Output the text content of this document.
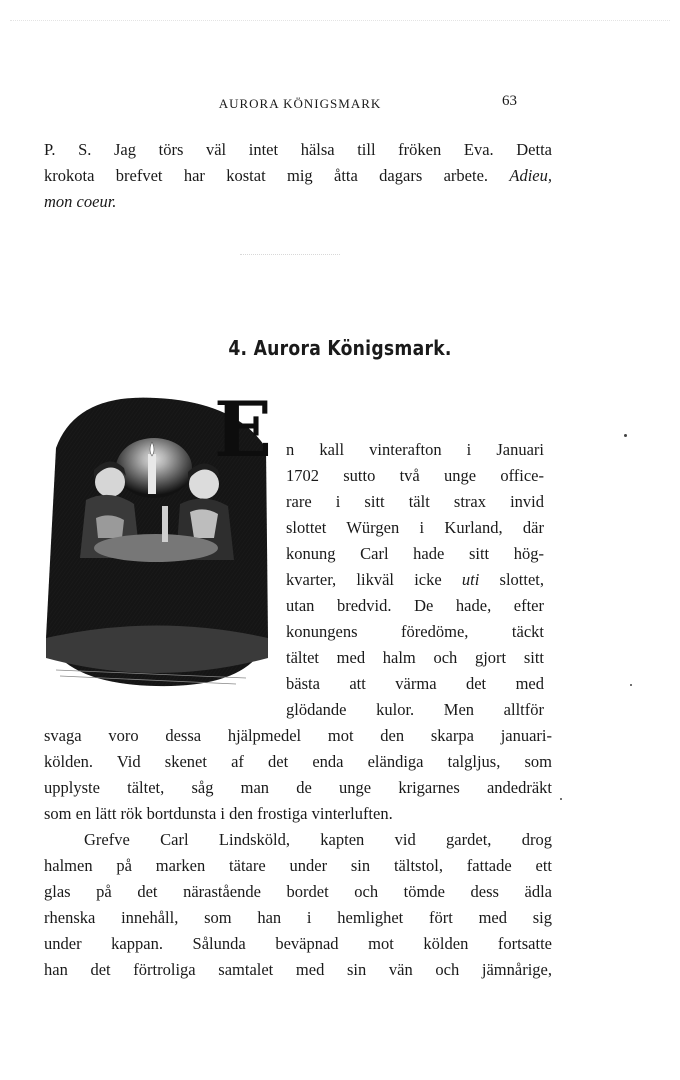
AURORA KÖNIGSMARK	63
P. S. Jag törs väl intet hälsa till fröken Eva. Detta
krokota brefvet har kostat mig åtta dagars arbete. Adieu,
mon coeur.
4. Aurora Königsmark.
E n kall vinterafton i Januari
1702 sutto två unge office-
rare i sitt tält strax invid
slottet Würgen i Kurland, där
konung Carl hade sitt hög-
kvarter, likväl icke uti slottet,
utan bredvid. De hade, efter
konungens föredöme, täckt
tältet med halm och gjort sitt
bästa att värma det med
glödande kulor. Men alltför
svaga voro dessa hjälpmedel mot den skarpa januari-
kölden. Vid skenet af det enda eländiga talgljus, som
upplyste tältet, såg man de unge krigarnes andedräkt
som en lätt rök bortdunsta i den frostiga vinterluften.
Grefve Carl Lindsköld, kapten vid gardet, drog
halmen på marken tätare under sin tältstol, fattade ett
glas på det närastående bordet och tömde dess ädla
rhenska innehåll, som han i hemlighet fört med sig
under kappan. Sålunda beväpnad mot kölden fortsatte
han det förtroliga samtalet med sin vän och jämnårige,
